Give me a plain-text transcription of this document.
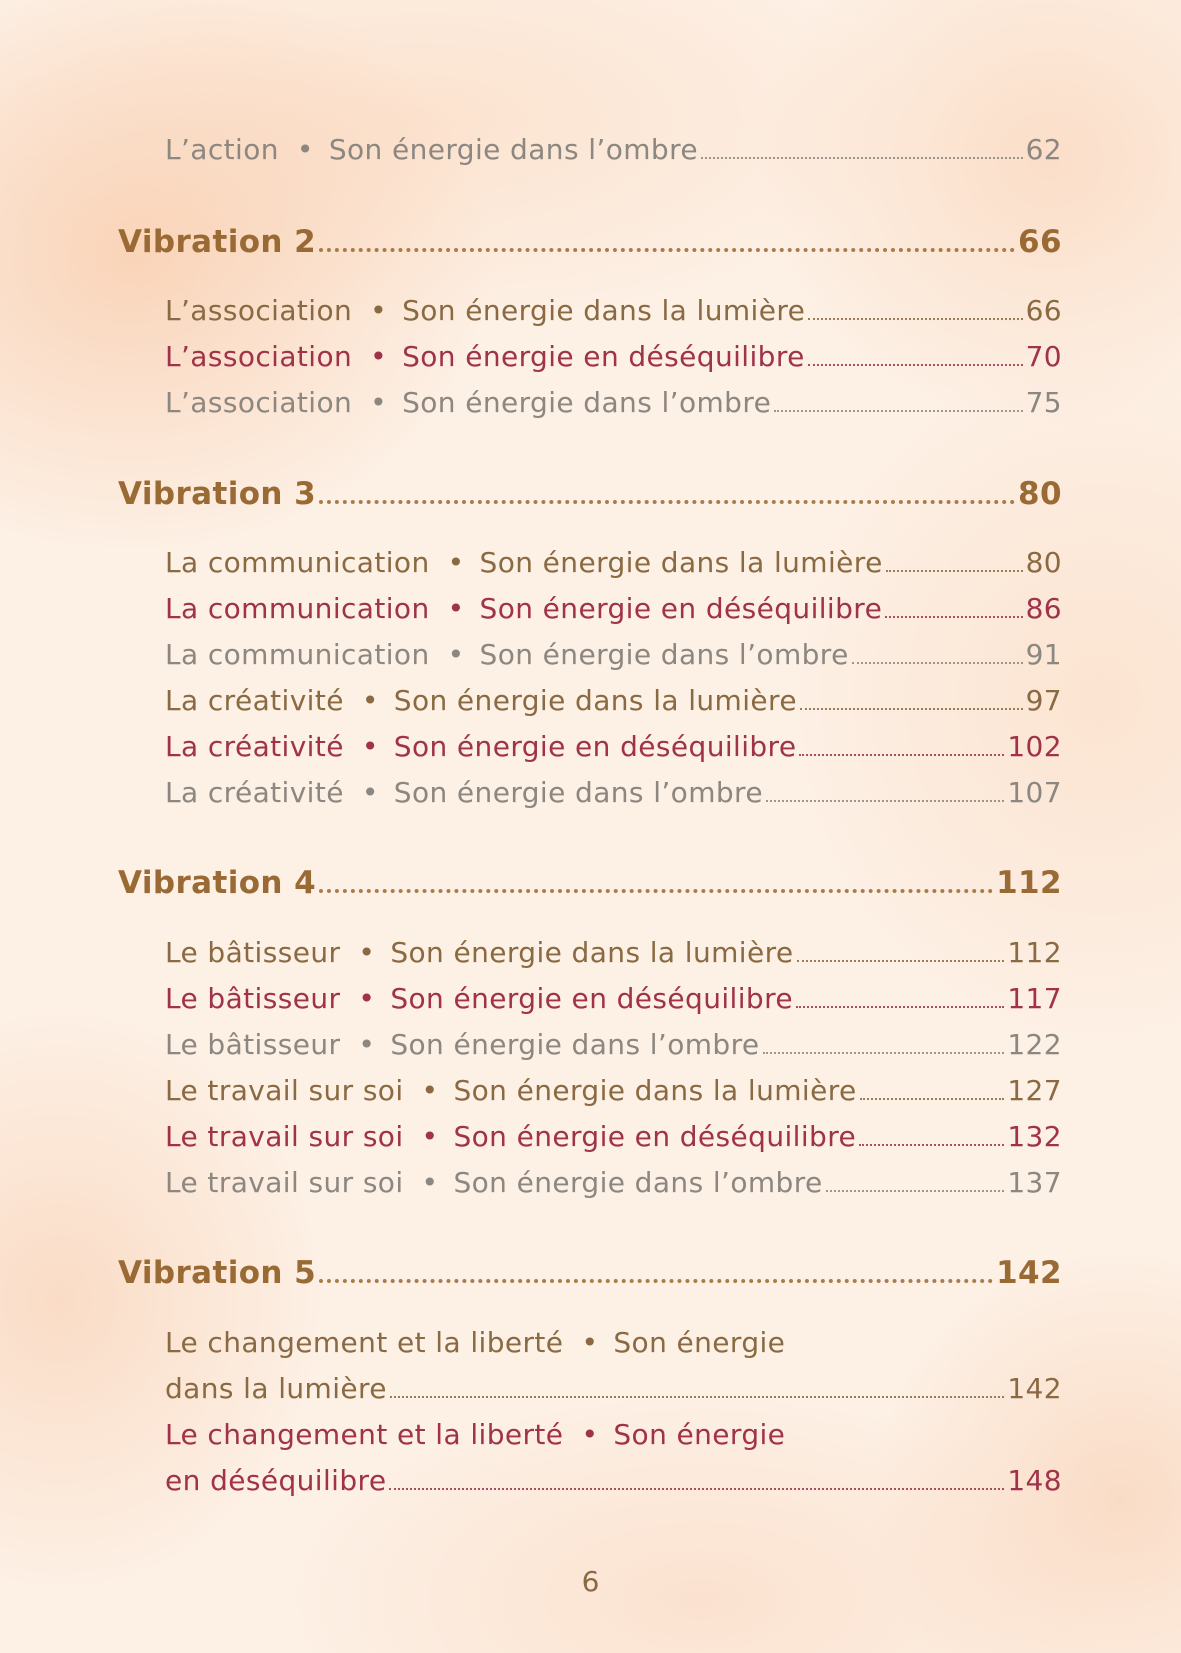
L’action • Son énergie dans l’ombre	62
Vibration 2	66
L’association • Son énergie dans la lumière	66
L’association • Son énergie en déséquilibre	70
L’association • Son énergie dans l’ombre	75
Vibration 3	80
La communication • Son énergie dans la lumière	80
La communication • Son énergie en déséquilibre	86
La communication • Son énergie dans l’ombre	91
La créativité • Son énergie dans la lumière	97
La créativité • Son énergie en déséquilibre	102
La créativité • Son énergie dans l’ombre	107
Vibration 4	112
Le bâtisseur • Son énergie dans la lumière	112
Le bâtisseur • Son énergie en déséquilibre	117
Le bâtisseur • Son énergie dans l’ombre	122
Le travail sur soi • Son énergie dans la lumière	127
Le travail sur soi • Son énergie en déséquilibre	132
Le travail sur soi • Son énergie dans l’ombre	137
Vibration 5	142
Le changement et la liberté • Son énergie
dans la lumière	142
Le changement et la liberté • Son énergie
en déséquilibre	148
6
